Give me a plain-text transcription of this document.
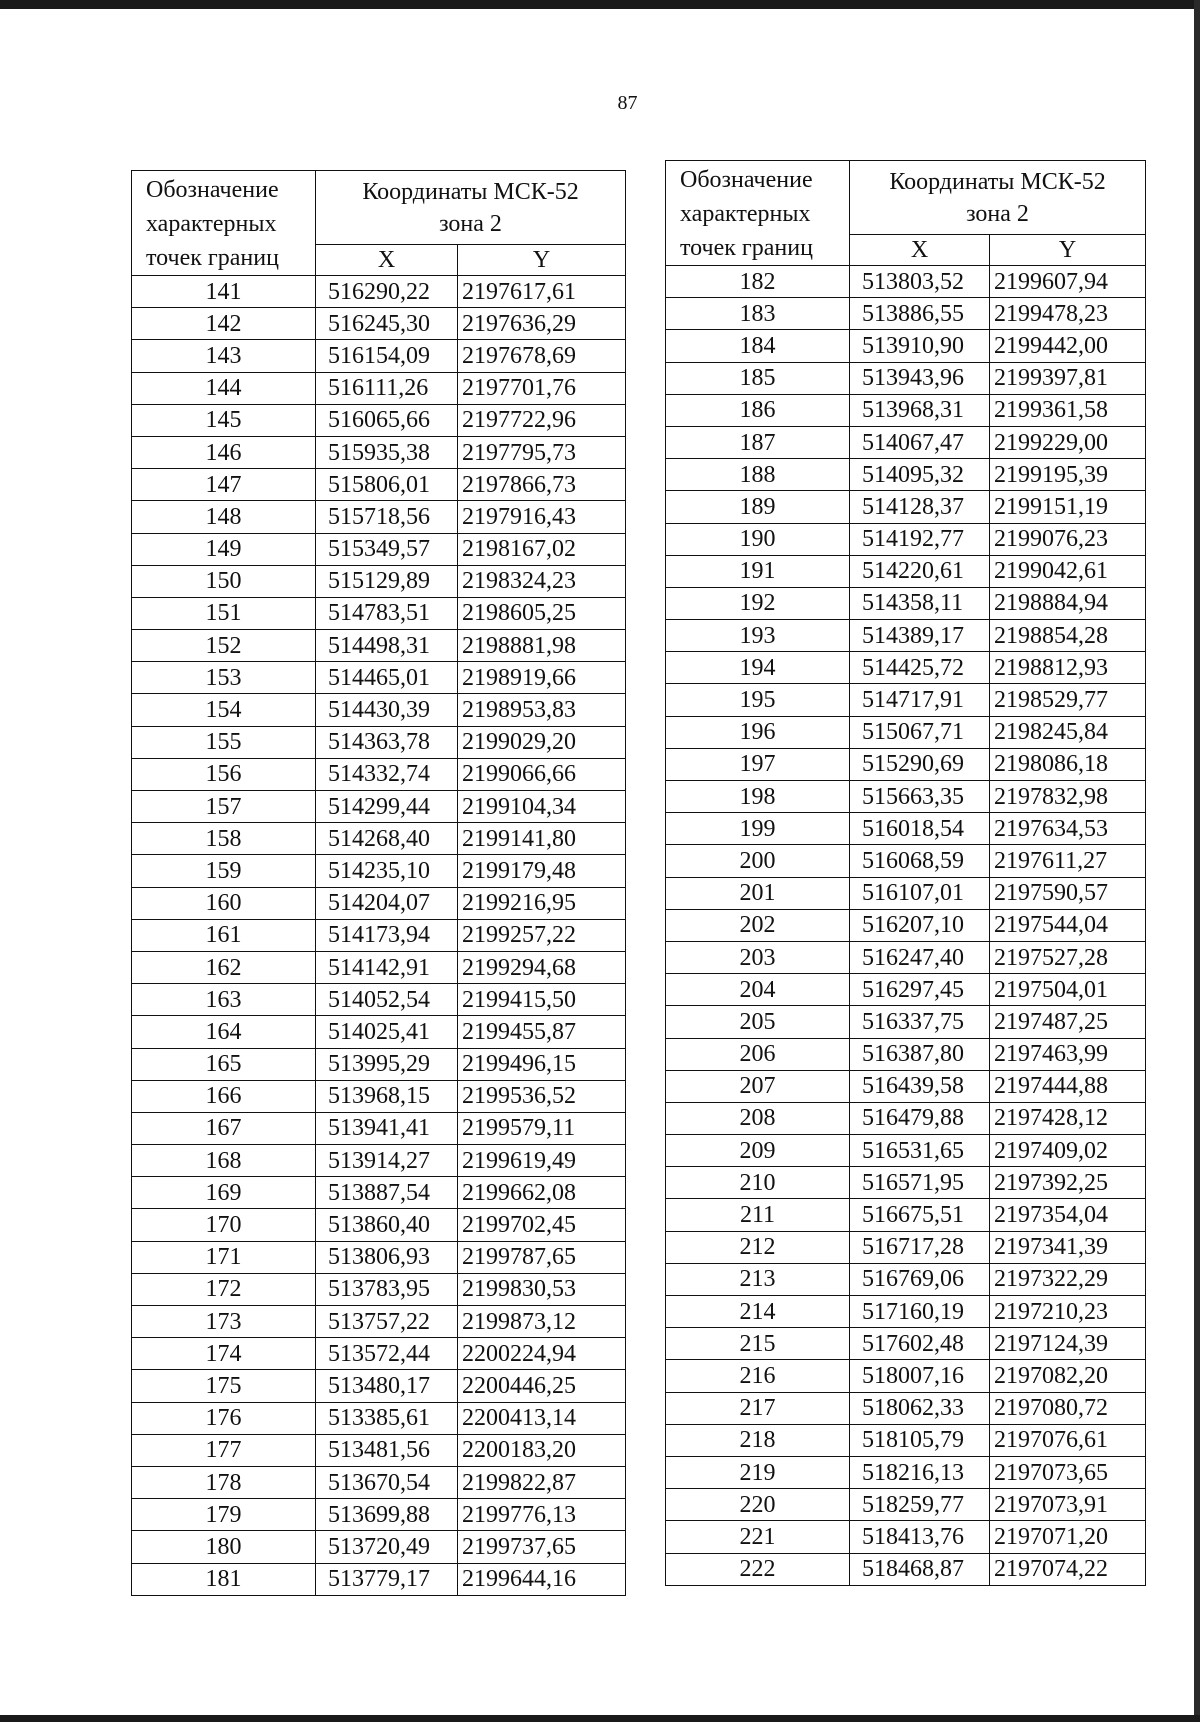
87
Обозначение
характерных
точек границ	Координаты МСК-52
зона 2	
	X	Y
141	516290,22	2197617,61
142	516245,30	2197636,29
143	516154,09	2197678,69
144	516111,26	2197701,76
145	516065,66	2197722,96
146	515935,38	2197795,73
147	515806,01	2197866,73
148	515718,56	2197916,43
149	515349,57	2198167,02
150	515129,89	2198324,23
151	514783,51	2198605,25
152	514498,31	2198881,98
153	514465,01	2198919,66
154	514430,39	2198953,83
155	514363,78	2199029,20
156	514332,74	2199066,66
157	514299,44	2199104,34
158	514268,40	2199141,80
159	514235,10	2199179,48
160	514204,07	2199216,95
161	514173,94	2199257,22
162	514142,91	2199294,68
163	514052,54	2199415,50
164	514025,41	2199455,87
165	513995,29	2199496,15
166	513968,15	2199536,52
167	513941,41	2199579,11
168	513914,27	2199619,49
169	513887,54	2199662,08
170	513860,40	2199702,45
171	513806,93	2199787,65
172	513783,95	2199830,53
173	513757,22	2199873,12
174	513572,44	2200224,94
175	513480,17	2200446,25
176	513385,61	2200413,14
177	513481,56	2200183,20
178	513670,54	2199822,87
179	513699,88	2199776,13
180	513720,49	2199737,65
181	513779,17	2199644,16
Обозначение
характерных
точек границ	Координаты МСК-52
зона 2	
	X	Y
182	513803,52	2199607,94
183	513886,55	2199478,23
184	513910,90	2199442,00
185	513943,96	2199397,81
186	513968,31	2199361,58
187	514067,47	2199229,00
188	514095,32	2199195,39
189	514128,37	2199151,19
190	514192,77	2199076,23
191	514220,61	2199042,61
192	514358,11	2198884,94
193	514389,17	2198854,28
194	514425,72	2198812,93
195	514717,91	2198529,77
196	515067,71	2198245,84
197	515290,69	2198086,18
198	515663,35	2197832,98
199	516018,54	2197634,53
200	516068,59	2197611,27
201	516107,01	2197590,57
202	516207,10	2197544,04
203	516247,40	2197527,28
204	516297,45	2197504,01
205	516337,75	2197487,25
206	516387,80	2197463,99
207	516439,58	2197444,88
208	516479,88	2197428,12
209	516531,65	2197409,02
210	516571,95	2197392,25
211	516675,51	2197354,04
212	516717,28	2197341,39
213	516769,06	2197322,29
214	517160,19	2197210,23
215	517602,48	2197124,39
216	518007,16	2197082,20
217	518062,33	2197080,72
218	518105,79	2197076,61
219	518216,13	2197073,65
220	518259,77	2197073,91
221	518413,76	2197071,20
222	518468,87	2197074,22
